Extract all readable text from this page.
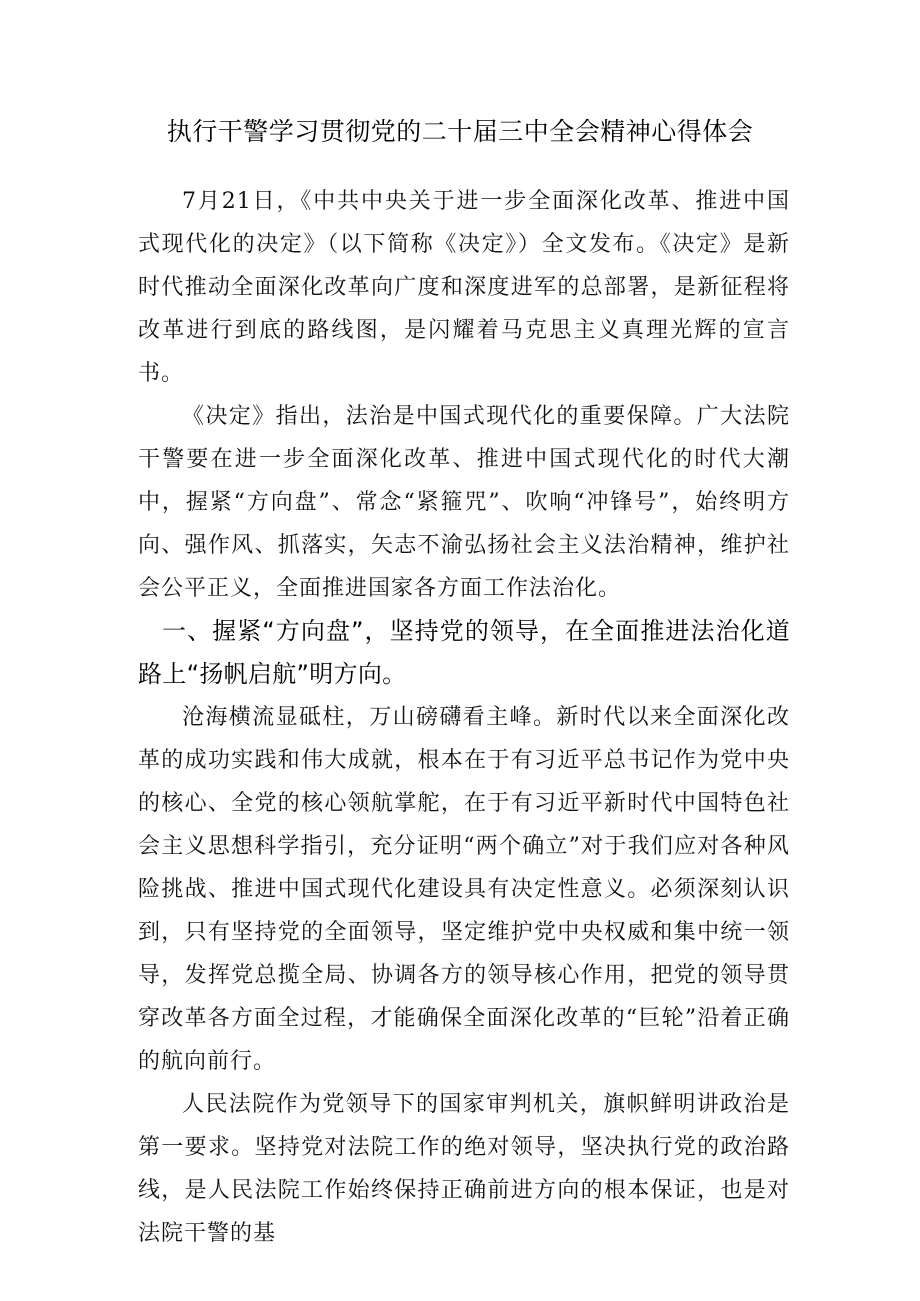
执行干警学习贯彻党的二十届三中全会精神心得体会

7月21日，《中共中央关于进一步全面深化改革、推进中国式现代化的决定》（以下简称《决定》）全文发布。《决定》是新时代推动全面深化改革向广度和深度进军的总部署，是新征程将改革进行到底的路线图，是闪耀着马克思主义真理光辉的宣言书。

《决定》指出，法治是中国式现代化的重要保障。广大法院干警要在进一步全面深化改革、推进中国式现代化的时代大潮中，握紧“方向盘”、常念“紧箍咒”、吹响“冲锋号”，始终明方向、强作风、抓落实，矢志不渝弘扬社会主义法治精神，维护社会公平正义，全面推进国家各方面工作法治化。

一、握紧“方向盘”，坚持党的领导，在全面推进法治化道路上“扬帆启航”明方向。

沧海横流显砥柱，万山磅礴看主峰。新时代以来全面深化改革的成功实践和伟大成就，根本在于有习近平总书记作为党中央的核心、全党的核心领航掌舵，在于有习近平新时代中国特色社会主义思想科学指引，充分证明“两个确立”对于我们应对各种风险挑战、推进中国式现代化建设具有决定性意义。必须深刻认识到，只有坚持党的全面领导，坚定维护党中央权威和集中统一领导，发挥党总揽全局、协调各方的领导核心作用，把党的领导贯穿改革各方面全过程，才能确保全面深化改革的“巨轮”沿着正确的航向前行。

人民法院作为党领导下的国家审判机关，旗帜鲜明讲政治是第一要求。坚持党对法院工作的绝对领导，坚决执行党的政治路线，是人民法院工作始终保持正确前进方向的根本保证，也是对法院干警的基
